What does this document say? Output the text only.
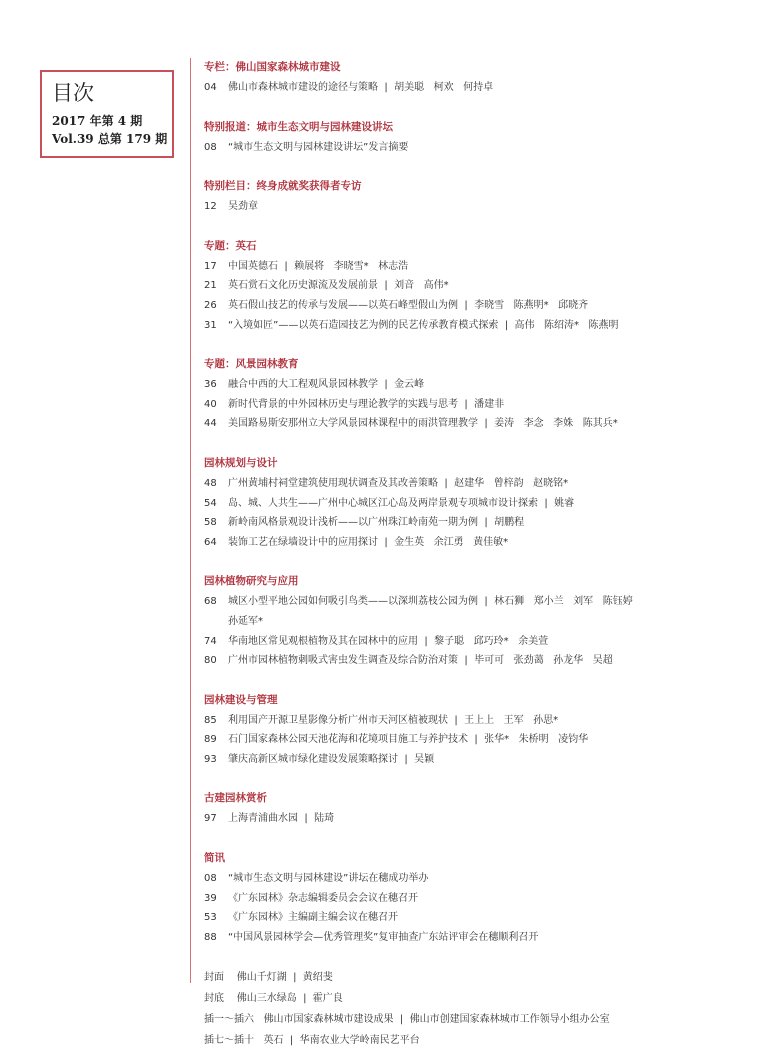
目次
2017 年第 4 期
Vol.39 总第 179 期
专栏：佛山国家森林城市建设
04	佛山市森林城市建设的途径与策略  |  胡美聪   柯欢   何持卓
特别报道：城市生态文明与园林建设讲坛
08	“城市生态文明与园林建设讲坛”发言摘要
特别栏目：终身成就奖获得者专访
12	吴劲章
专题：英石
17	中国英德石  |  赖展将   李晓雪*   林志浩
21	英石赏石文化历史源流及发展前景  |  刘音   高伟*
26	英石假山技艺的传承与发展——以英石峰型假山为例  |  李晓雪   陈燕明*   邱晓齐
31	“入境如匠”——以英石造园技艺为例的民艺传承教育模式探索  |  高伟   陈绍涛*   陈燕明
专题：风景园林教育
36	融合中西的大工程观风景园林教学  |  金云峰
40	新时代背景的中外园林历史与理论教学的实践与思考  |  潘建非
44	美国路易斯安那州立大学风景园林课程中的雨洪管理教学  |  姜涛   李念   李姝   陈其兵*
园林规划与设计
48	广州黄埔村祠堂建筑使用现状调查及其改善策略  |  赵建华   曾梓韵   赵晓铭*
54	岛、城、人共生——广州中心城区江心岛及两岸景观专项城市设计探索  |  姚睿
58	新岭南风格景观设计浅析——以广州珠江岭南苑一期为例  |  胡鹏程
64	装饰工艺在绿墙设计中的应用探讨  |  金生英   余江勇   黄佳敏*
园林植物研究与应用
68	城区小型平地公园如何吸引鸟类——以深圳荔枝公园为例  |  林石狮   郑小兰   刘军   陈钰婷
孙延军*
74	华南地区常见观根植物及其在园林中的应用  |  黎子聪   邱巧玲*   余美萱
80	广州市园林植物刺吸式害虫发生调查及综合防治对策  |  毕可可   张劲蔼   孙龙华   吴超
园林建设与管理
85	利用国产开源卫星影像分析广州市天河区植被现状  |  王上上   王军   孙思*
89	石门国家森林公园天池花海和花境项目施工与养护技术  |  张华*   朱桥明   凌钧华
93	肇庆高新区城市绿化建设发展策略探讨  |  吴颖
古建园林赏析
97	上海青浦曲水园  |  陆琦
简讯
08	“城市生态文明与园林建设”讲坛在穗成功举办
39	《广东园林》杂志编辑委员会会议在穗召开
53	《广东园林》主编副主编会议在穗召开
88	“中国风景园林学会—优秀管理奖”复审抽查广东站评审会在穗顺利召开
封面    佛山千灯湖  |  黄绍斐
封底    佛山三水绿岛  |  霍广良
插一～插六   佛山市国家森林城市建设成果  |  佛山市创建国家森林城市工作领导小组办公室
插七～插十   英石  |  华南农业大学岭南民艺平台
